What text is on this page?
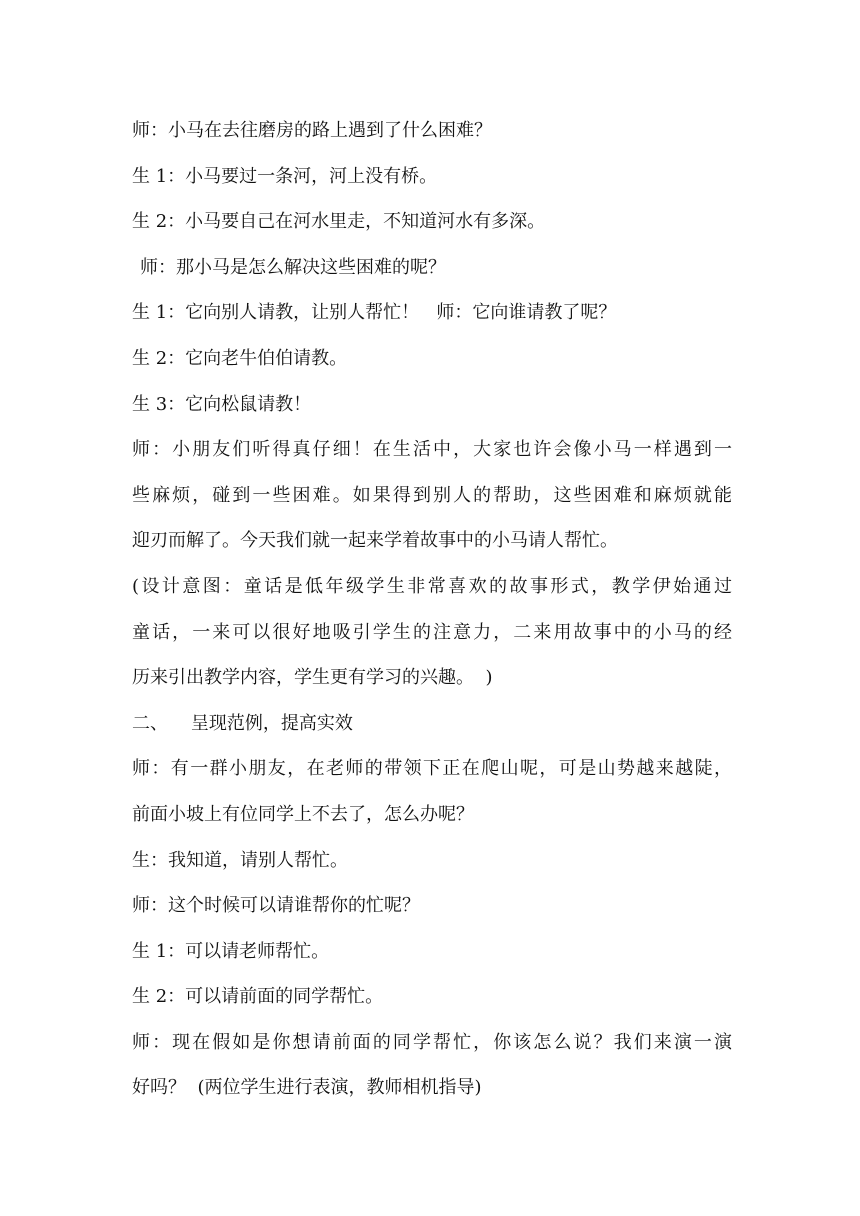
师：小马在去往磨房的路上遇到了什么困难？
生 1：小马要过一条河，河上没有桥。
生 2：小马要自己在河水里走，不知道河水有多深。
师：那小马是怎么解决这些困难的呢？
生 1：它向别人请教，让别人帮忙！   师：它向谁请教了呢？
生 2：它向老牛伯伯请教。
生 3：它向松鼠请教！
师：小朋友们听得真仔细！在生活中，大家也许会像小马一样遇到一
些麻烦，碰到一些困难。如果得到别人的帮助，这些困难和麻烦就能
迎刃而解了。今天我们就一起来学着故事中的小马请人帮忙。
(设计意图：童话是低年级学生非常喜欢的故事形式，教学伊始通过
童话，一来可以很好地吸引学生的注意力，二来用故事中的小马的经
历来引出教学内容，学生更有学习的兴趣。  )
二、    呈现范例，提高实效
师：有一群小朋友，在老师的带领下正在爬山呢，可是山势越来越陡，
前面小坡上有位同学上不去了，怎么办呢？
生：我知道，请别人帮忙。
师：这个时候可以请谁帮你的忙呢？
生 1：可以请老师帮忙。
生 2：可以请前面的同学帮忙。
师：现在假如是你想请前面的同学帮忙，你该怎么说？我们来演一演
好吗？  (两位学生进行表演，教师相机指导)
